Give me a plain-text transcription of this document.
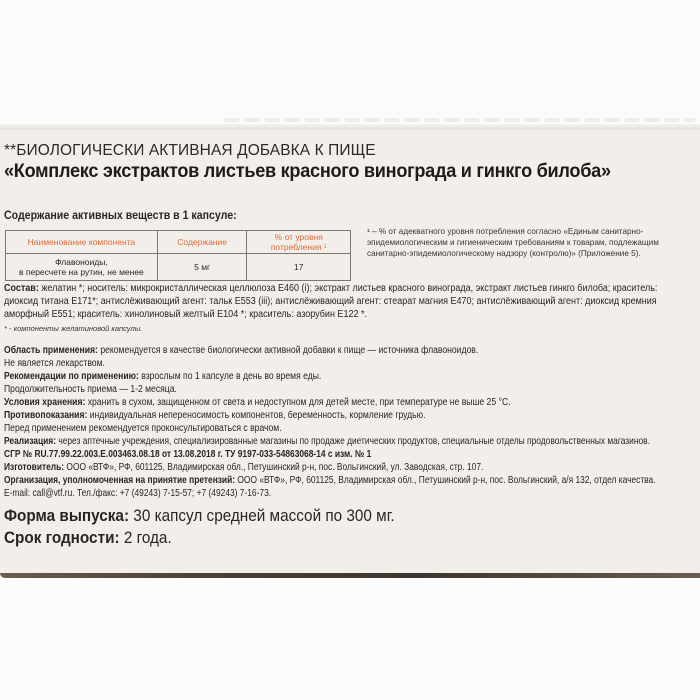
**БИОЛОГИЧЕСКИ АКТИВНАЯ ДОБАВКА К ПИЩЕ
«Комплекс экстрактов листьев красного винограда и гинкго билоба»
Содержание активных веществ в 1 капсуле:
Наименование компонента	Содержание	% от уровня потребления ¹
Флавоноиды,
в пересчете на рутин, не менее	5 мг	17
¹ – % от адекватного уровня потребления согласно «Единым санитарно-эпидемиологическим и гигиеническим требованиям к товарам, подлежащим санитарно-эпидемиологическому надзору (контролю)» (Приложение 5).
Состав: желатин *; носитель: микрокристаллическая целлюлоза Е460 (i); экстракт листьев красного винограда, экстракт листьев гинкго билоба; краситель:
диоксид титана Е171*; антислёживающий агент: тальк Е553 (iii); антислёживающий агент: стеарат магния Е470; антислёживающий агент: диоксид кремния
аморфный Е551; краситель: хинолиновый желтый Е104 *; краситель: азорубин Е122 *.
* - компоненты желатиновой капсулы.
Область применения: рекомендуется в качестве биологически активной добавки к пище — источника флавоноидов.
Не является лекарством.
Рекомендации по применению: взрослым по 1 капсуле в день во время еды.
Продолжительность приема — 1-2 месяца.
Условия хранения: хранить в сухом, защищенном от света и недоступном для детей месте, при температуре не выше 25 °С.
Противопоказания: индивидуальная непереносимость компонентов, беременность, кормление грудью.
Перед применением рекомендуется проконсультироваться с врачом.
Реализация: через аптечные учреждения, специализированные магазины по продаже диетических продуктов, специальные отделы продовольственных магазинов.
СГР № RU.77.99.22.003.Е.003463.08.18 от 13.08.2018 г. ТУ 9197-033-54863068-14 с изм. № 1
Изготовитель: ООО «ВТФ», РФ, 601125, Владимирская обл., Петушинский р-н, пос. Вольгинский, ул. Заводская, стр. 107.
Организация, уполномоченная на принятие претензий: ООО «ВТФ», РФ, 601125, Владимирская обл., Петушинский р-н, пос. Вольгинский, а/я 132, отдел качества.
E-mail: call@vtf.ru. Тел./факс: +7 (49243) 7-15-57; +7 (49243) 7-16-73.
Форма выпуска: 30 капсул средней массой по 300 мг.
Срок годности: 2 года.
